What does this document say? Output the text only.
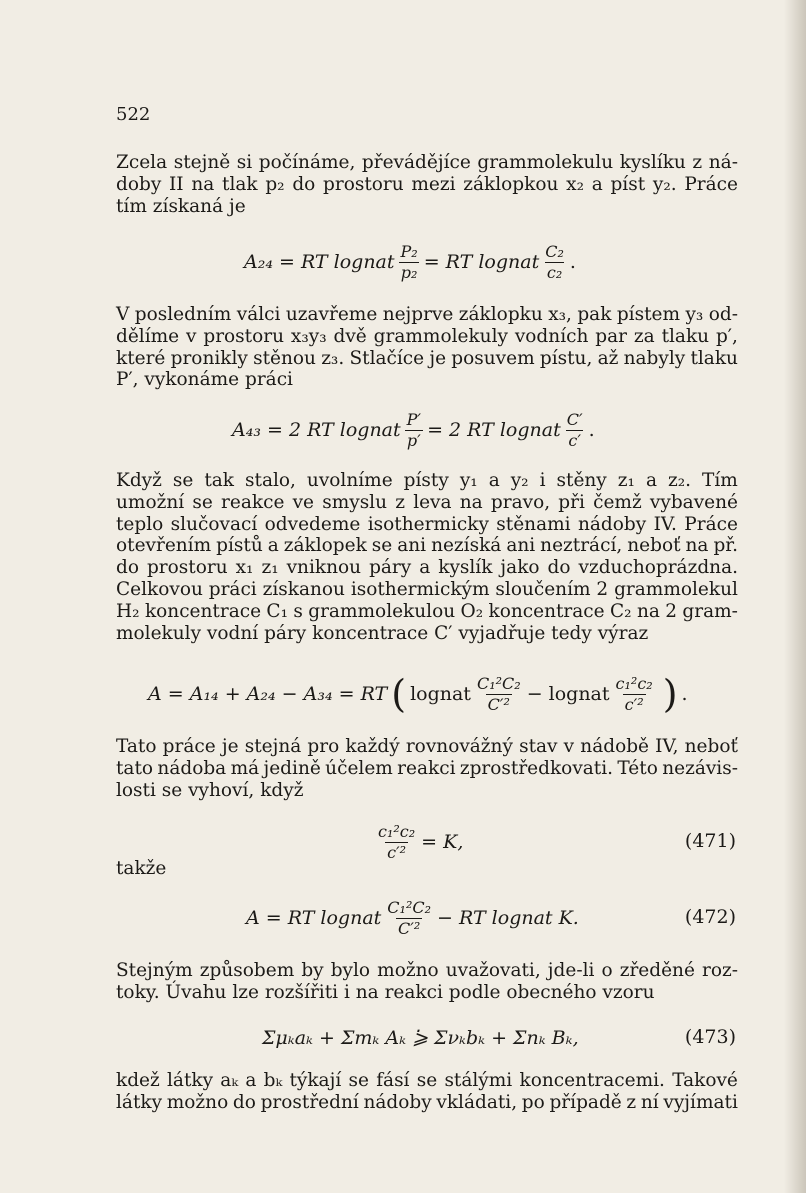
522
Zcela stejně si počínáme, převádějíce grammolekulu kyslíku z ná-
doby II na tlak p₂ do prostoru mezi záklopkou x₂ a píst y₂. Práce
tím získaná je
A₂₄ = RT lognat $\frac{\text{P₂}}{\text{p₂}}$ = RT lognat $\frac{\text{C₂}}{\text{c₂}}$ .
V posledním válci uzavřeme nejprve záklopku x₃, pak pístem y₃ od-
dělíme v prostoru x₃y₃ dvě grammolekuly vodních par za tlaku p′,
které pronikly stěnou z₃. Stlačíce je posuvem pístu, až nabyly tlaku
P′, vykonáme práci
A₄₃ = 2 RT lognat $\frac{P'}{p'} = 2$ RT lognat $\frac{C'}{c'}$ .
Když se tak stalo, uvolníme písty y₁ a y₂ i stěny z₁ a z₂. Tím
umožní se reakce ve smyslu z leva na pravo, při čemž vybavené
teplo slučovací odvedeme isothermicky stěnami nádoby IV. Práce
otevřením pístů a záklopek se ani nezíská ani neztrácí, neboť na př.
do prostoru x₁ z₁ vniknou páry a kyslík jako do vzduchoprázdna.
Celkovou práci získanou isothermickým sloučením 2 grammolekul
H₂ koncentrace C₁ s grammolekulou O₂ koncentrace C₂ na 2 gram-
molekuly vodní páry koncentrace C′ vyjadřuje tedy výraz
A = A₁₄ + A₂₄ − A₃₄ = RT ( lognat $\frac{\text{C₁²C₂}}{\text{C′²}}$ − lognat $\frac{\text{c₁²c₂}}{\text{c′²}}$ ) .
Tato práce je stejná pro každý rovnovážný stav v nádobě IV, neboť
tato nádoba má jedině účelem reakci zprostředkovati. Této nezávis-
losti se vyhoví, když
$\frac{\text{c₁²c₂}}{\text{c′²}} = K$,	(471)
takže
A = RT lognat $\frac{\text{C₁²C₂}}{\text{C′²}}$ − RT lognat K.	(472)
Stejným způsobem by bylo možno uvažovati, jde-li o zředěné roz-
toky. Úvahu lze rozšířiti i na reakci podle obecného vzoru
Σμₖaₖ + Σmₖ Aₖ ⪄ Σνₖbₖ + Σnₖ Bₖ,	(473)
kdež látky aₖ a bₖ týkají se fásí se stálými koncentracemi. Takové
látky možno do prostřední nádoby vkládati, po případě z ní vyjímati
